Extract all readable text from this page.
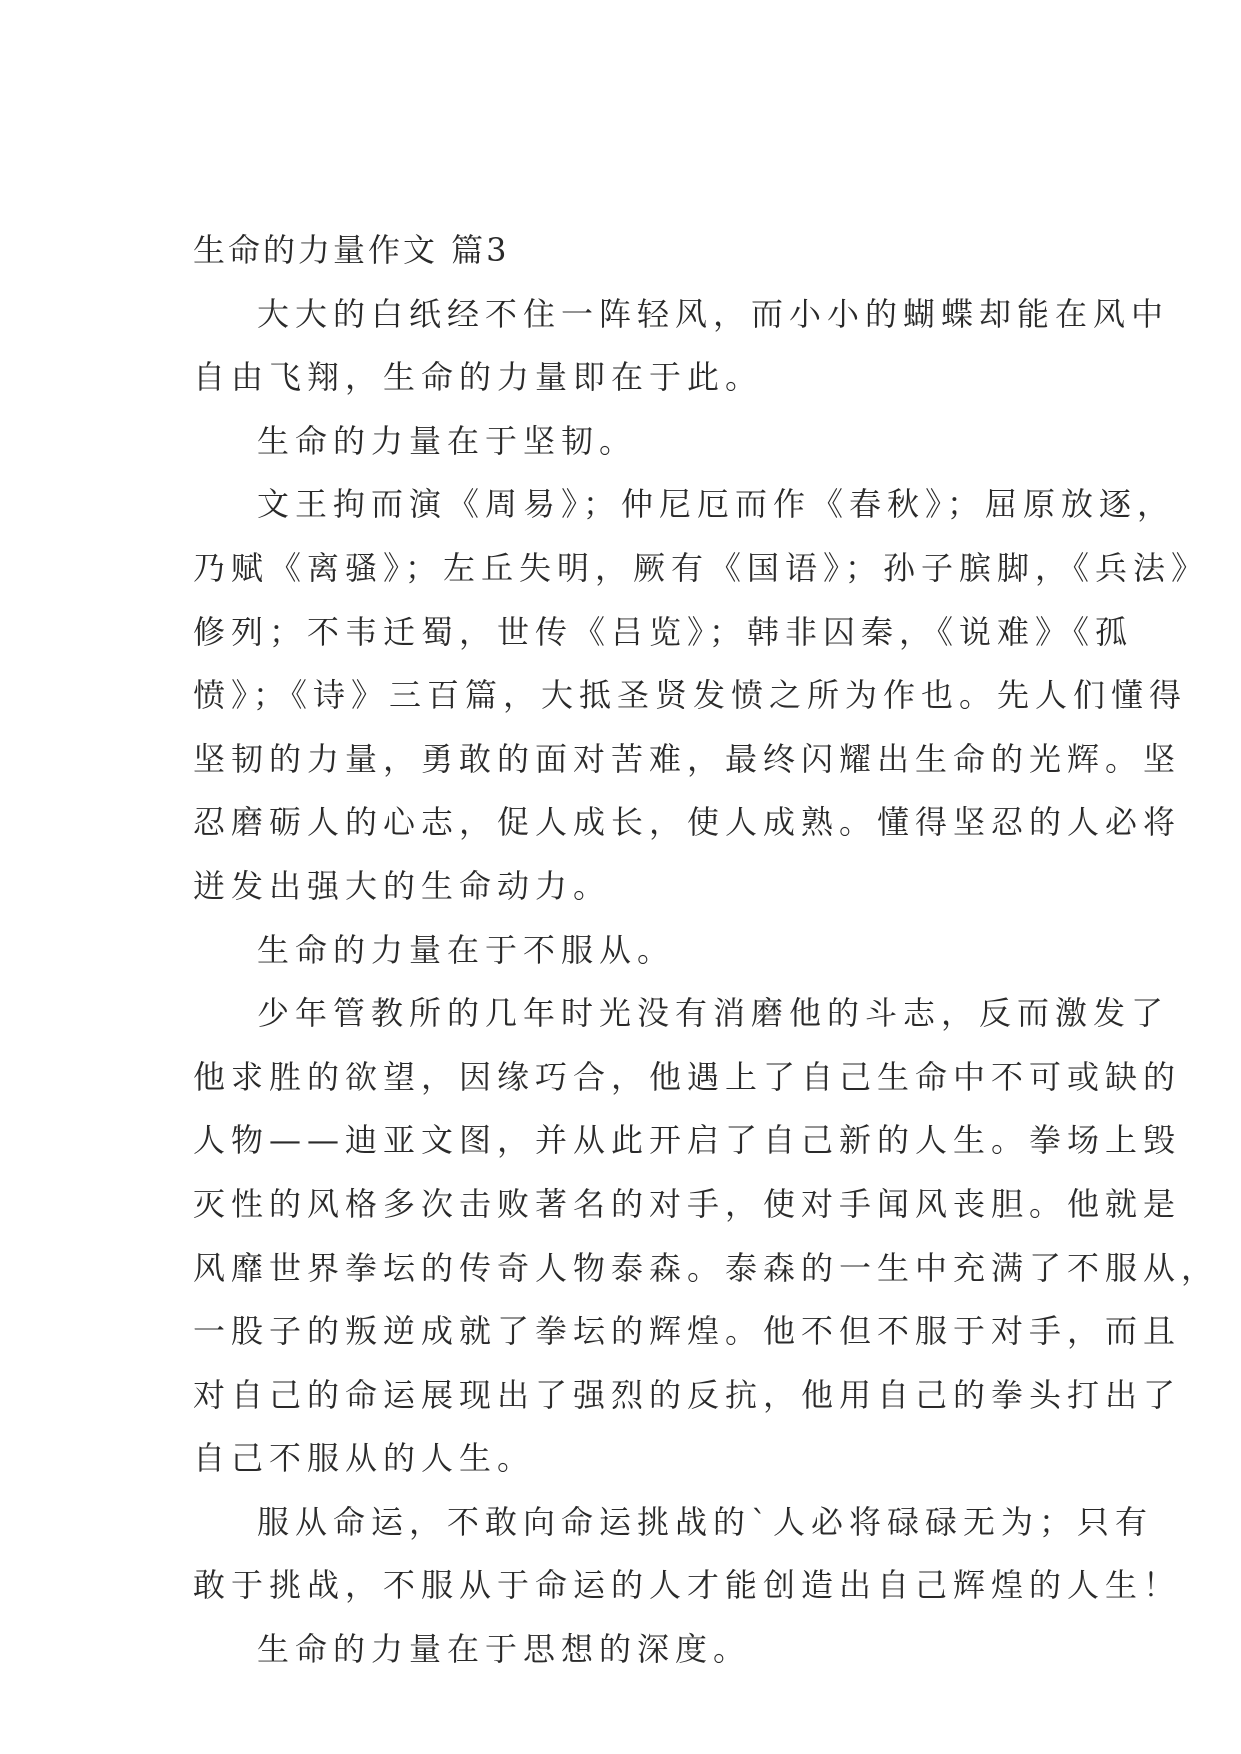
生命的力量作文 篇3
大大的白纸经不住一阵轻风，而小小的蝴蝶却能在风中
自由飞翔，生命的力量即在于此。
生命的力量在于坚韧。
文王拘而演《周易》；仲尼厄而作《春秋》；屈原放逐，
乃赋《离骚》；左丘失明，厥有《国语》；孙子膑脚，《兵法》
修列；不韦迁蜀，世传《吕览》；韩非囚秦，《说难》《孤
愤》；《诗》三百篇，大抵圣贤发愤之所为作也。先人们懂得
坚韧的力量，勇敢的面对苦难，最终闪耀出生命的光辉。坚
忍磨砺人的心志，促人成长，使人成熟。懂得坚忍的人必将
迸发出强大的生命动力。
生命的力量在于不服从。
少年管教所的几年时光没有消磨他的斗志，反而激发了
他求胜的欲望，因缘巧合，他遇上了自己生命中不可或缺的
人物——迪亚文图，并从此开启了自己新的人生。拳场上毁
灭性的风格多次击败著名的对手，使对手闻风丧胆。他就是
风靡世界拳坛的传奇人物泰森。泰森的一生中充满了不服从，
一股子的叛逆成就了拳坛的辉煌。他不但不服于对手，而且
对自己的命运展现出了强烈的反抗，他用自己的拳头打出了
自己不服从的人生。
服从命运，不敢向命运挑战的`人必将碌碌无为；只有
敢于挑战，不服从于命运的人才能创造出自己辉煌的人生！
生命的力量在于思想的深度。
